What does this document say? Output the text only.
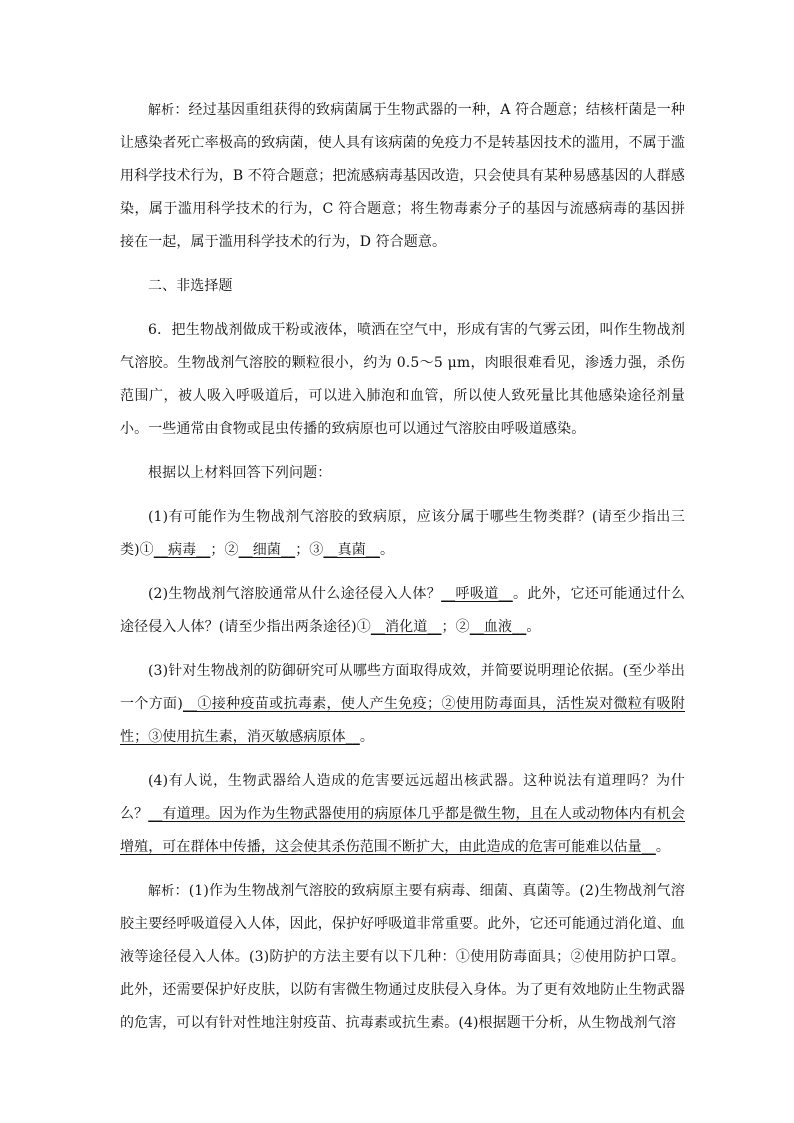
解析：经过基因重组获得的致病菌属于生物武器的一种，A 符合题意；结核杆菌是一种让感染者死亡率极高的致病菌，使人具有该病菌的免疫力不是转基因技术的滥用，不属于滥用科学技术行为，B 不符合题意；把流感病毒基因改造，只会使具有某种易感基因的人群感染，属于滥用科学技术的行为，C 符合题意；将生物毒素分子的基因与流感病毒的基因拼接在一起，属于滥用科学技术的行为，D 符合题意。

二、非选择题

6．把生物战剂做成干粉或液体，喷洒在空气中，形成有害的气雾云团，叫作生物战剂气溶胶。生物战剂气溶胶的颗粒很小，约为 0.5～5 μm，肉眼很难看见，渗透力强，杀伤范围广，被人吸入呼吸道后，可以进入肺泡和血管，所以使人致死量比其他感染途径剂量小。一些通常由食物或昆虫传播的致病原也可以通过气溶胶由呼吸道感染。

根据以上材料回答下列问题：

(1)有可能作为生物战剂气溶胶的致病原，应该分属于哪些生物类群？(请至少指出三类)①__病毒__；②__细菌__；③__真菌__。

(2)生物战剂气溶胶通常从什么途径侵入人体？__呼吸道__。此外，它还可能通过什么途径侵入人体？(请至少指出两条途径)①__消化道__；②__血液__。

(3)针对生物战剂的防御研究可从哪些方面取得成效，并简要说明理论依据。(至少举出一个方面)__①接种疫苗或抗毒素，使人产生免疫；②使用防毒面具，活性炭对微粒有吸附性；③使用抗生素，消灭敏感病原体__。

(4)有人说，生物武器给人造成的危害要远远超出核武器。这种说法有道理吗？为什么？__有道理。因为作为生物武器使用的病原体几乎都是微生物，且在人或动物体内有机会增殖，可在群体中传播，这会使其杀伤范围不断扩大，由此造成的危害可能难以估量__。

解析：(1)作为生物战剂气溶胶的致病原主要有病毒、细菌、真菌等。(2)生物战剂气溶胶主要经呼吸道侵入人体，因此，保护好呼吸道非常重要。此外，它还可能通过消化道、血液等途径侵入人体。(3)防护的方法主要有以下几种：①使用防毒面具；②使用防护口罩。此外，还需要保护好皮肤，以防有害微生物通过皮肤侵入身体。为了更有效地防止生物武器的危害，可以有针对性地注射疫苗、抗毒素或抗生素。(4)根据题干分析，从生物战剂气溶
